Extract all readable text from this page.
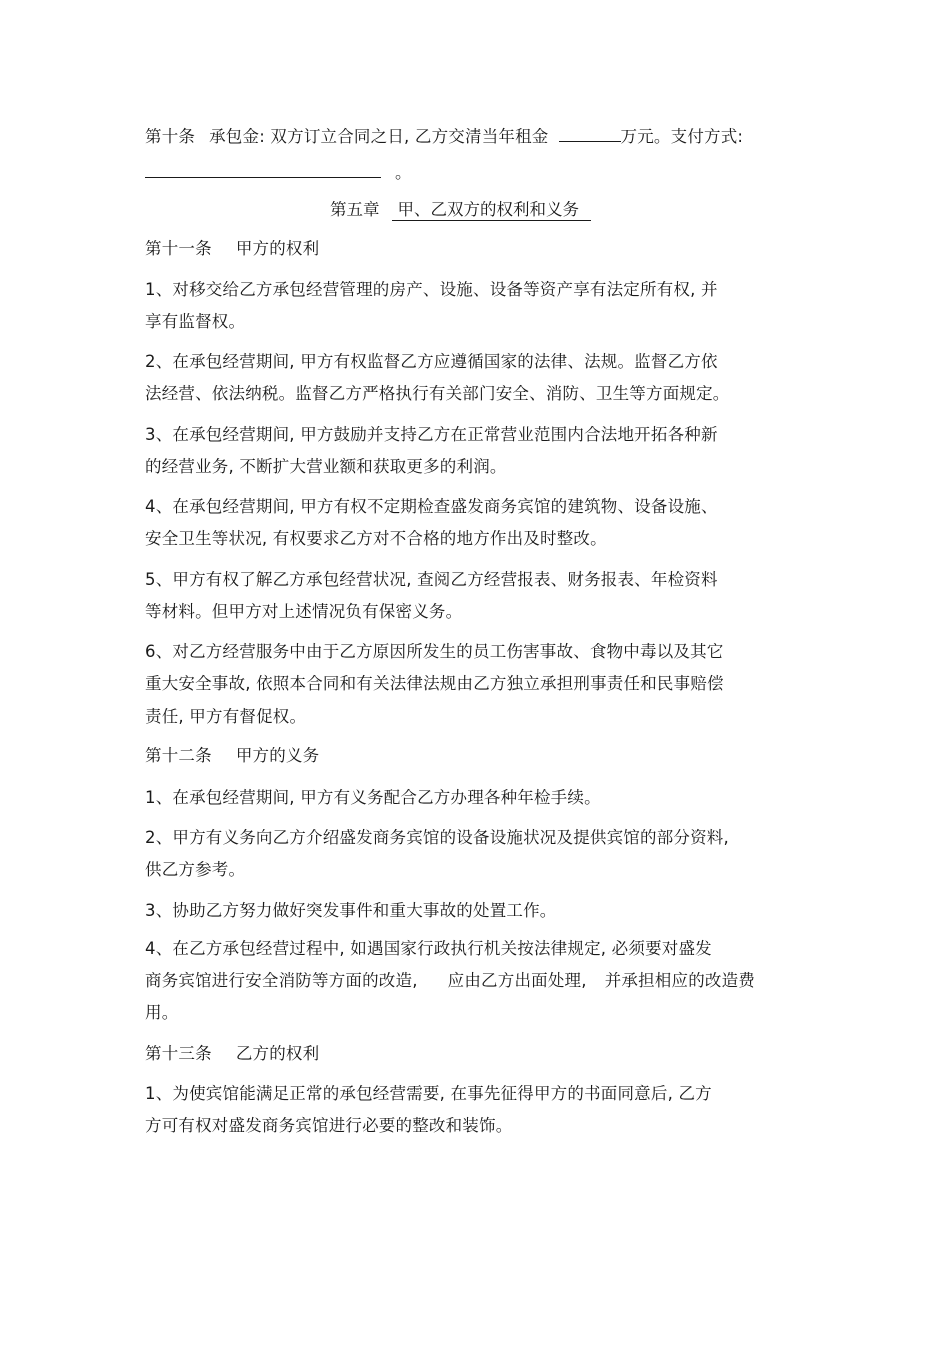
第十条 承包金: 双方订立合同之日, 乙方交清当年租金	万元。支付方式:
。
第五章 甲、乙双方的权利和义务
第十一条 甲方的权利
1、对移交给乙方承包经营管理的房产、设施、设备等资产享有法定所有权, 并
享有监督权。
2、在承包经营期间, 甲方有权监督乙方应遵循国家的法律、法规。监督乙方依
法经营、依法纳税。监督乙方严格执行有关部门安全、消防、卫生等方面规定。
3、在承包经营期间, 甲方鼓励并支持乙方在正常营业范围内合法地开拓各种新
的经营业务, 不断扩大营业额和获取更多的利润。
4、在承包经营期间, 甲方有权不定期检查盛发商务宾馆的建筑物、设备设施、
安全卫生等状况, 有权要求乙方对不合格的地方作出及时整改。
5、甲方有权了解乙方承包经营状况, 查阅乙方经营报表、财务报表、年检资料
等材料。但甲方对上述情况负有保密义务。
6、对乙方经营服务中由于乙方原因所发生的员工伤害事故、食物中毒以及其它
重大安全事故, 依照本合同和有关法律法规由乙方独立承担刑事责任和民事赔偿
责任, 甲方有督促权。
第十二条 甲方的义务
1、在承包经营期间, 甲方有义务配合乙方办理各种年检手续。
2、甲方有义务向乙方介绍盛发商务宾馆的设备设施状况及提供宾馆的部分资料,
供乙方参考。
3、协助乙方努力做好突发事件和重大事故的处置工作。
4、在乙方承包经营过程中, 如遇国家行政执行机关按法律规定, 必须要对盛发
商务宾馆进行安全消防等方面的改造, 应由乙方出面处理, 并承担相应的改造费
用。
第十三条 乙方的权利
1、为使宾馆能满足正常的承包经营需要, 在事先征得甲方的书面同意后, 乙方
方可有权对盛发商务宾馆进行必要的整改和装饰。
